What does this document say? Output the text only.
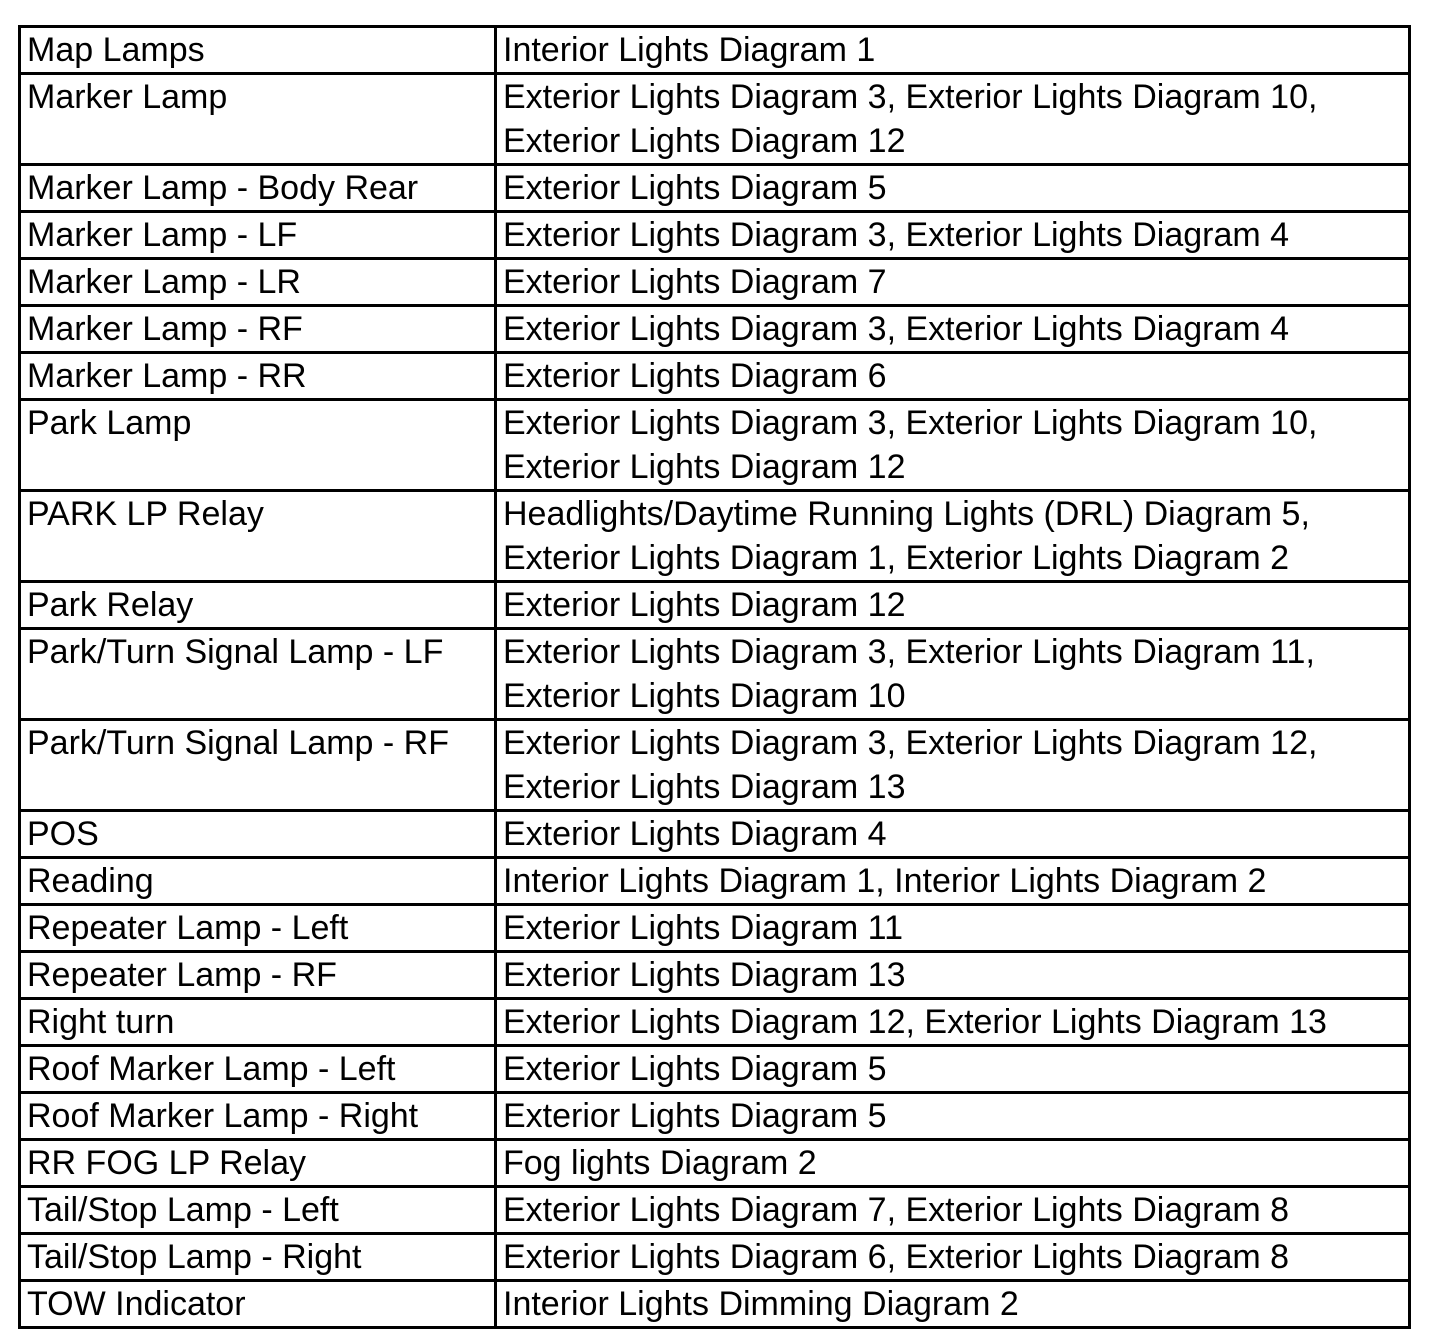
Map Lamps	Interior Lights Diagram 1

Marker Lamp	Exterior Lights Diagram 3, Exterior Lights Diagram 10,
Exterior Lights Diagram 12

Marker Lamp - Body Rear	Exterior Lights Diagram 5

Marker Lamp - LF	Exterior Lights Diagram 3, Exterior Lights Diagram 4

Marker Lamp - LR	Exterior Lights Diagram 7

Marker Lamp - RF	Exterior Lights Diagram 3, Exterior Lights Diagram 4

Marker Lamp - RR	Exterior Lights Diagram 6

Park Lamp	Exterior Lights Diagram 3, Exterior Lights Diagram 10,
Exterior Lights Diagram 12

PARK LP Relay	Headlights/Daytime Running Lights (DRL) Diagram 5,
Exterior Lights Diagram 1, Exterior Lights Diagram 2

Park Relay	Exterior Lights Diagram 12

Park/Turn Signal Lamp - LF	Exterior Lights Diagram 3, Exterior Lights Diagram 11,
Exterior Lights Diagram 10

Park/Turn Signal Lamp - RF	Exterior Lights Diagram 3, Exterior Lights Diagram 12,
Exterior Lights Diagram 13

POS	Exterior Lights Diagram 4

Reading	Interior Lights Diagram 1, Interior Lights Diagram 2

Repeater Lamp - Left	Exterior Lights Diagram 11

Repeater Lamp - RF	Exterior Lights Diagram 13

Right turn	Exterior Lights Diagram 12, Exterior Lights Diagram 13

Roof Marker Lamp - Left	Exterior Lights Diagram 5

Roof Marker Lamp - Right	Exterior Lights Diagram 5

RR FOG LP Relay	Fog lights Diagram 2

Tail/Stop Lamp - Left	Exterior Lights Diagram 7, Exterior Lights Diagram 8

Tail/Stop Lamp - Right	Exterior Lights Diagram 6, Exterior Lights Diagram 8

TOW Indicator	Interior Lights Dimming Diagram 2
